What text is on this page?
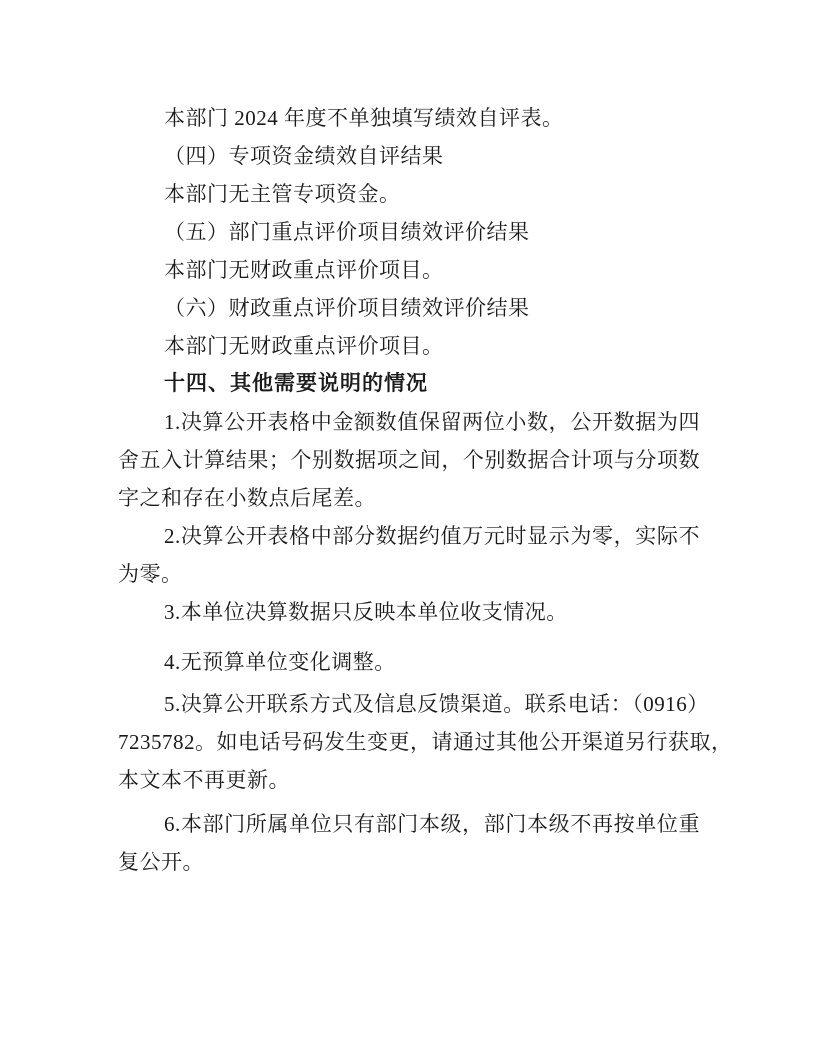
本部门 2024 年度不单独填写绩效自评表。
（四）专项资金绩效自评结果
本部门无主管专项资金。
（五）部门重点评价项目绩效评价结果
本部门无财政重点评价项目。
（六）财政重点评价项目绩效评价结果
本部门无财政重点评价项目。
十四、其他需要说明的情况
1.决算公开表格中金额数值保留两位小数，公开数据为四
舍五入计算结果；个别数据项之间，个别数据合计项与分项数
字之和存在小数点后尾差。
2.决算公开表格中部分数据约值万元时显示为零，实际不
为零。
3.本单位决算数据只反映本单位收支情况。
4.无预算单位变化调整。
5.决算公开联系方式及信息反馈渠道。联系电话：（0916）
7235782。如电话号码发生变更，请通过其他公开渠道另行获取，
本文本不再更新。
6.本部门所属单位只有部门本级，部门本级不再按单位重
复公开。
